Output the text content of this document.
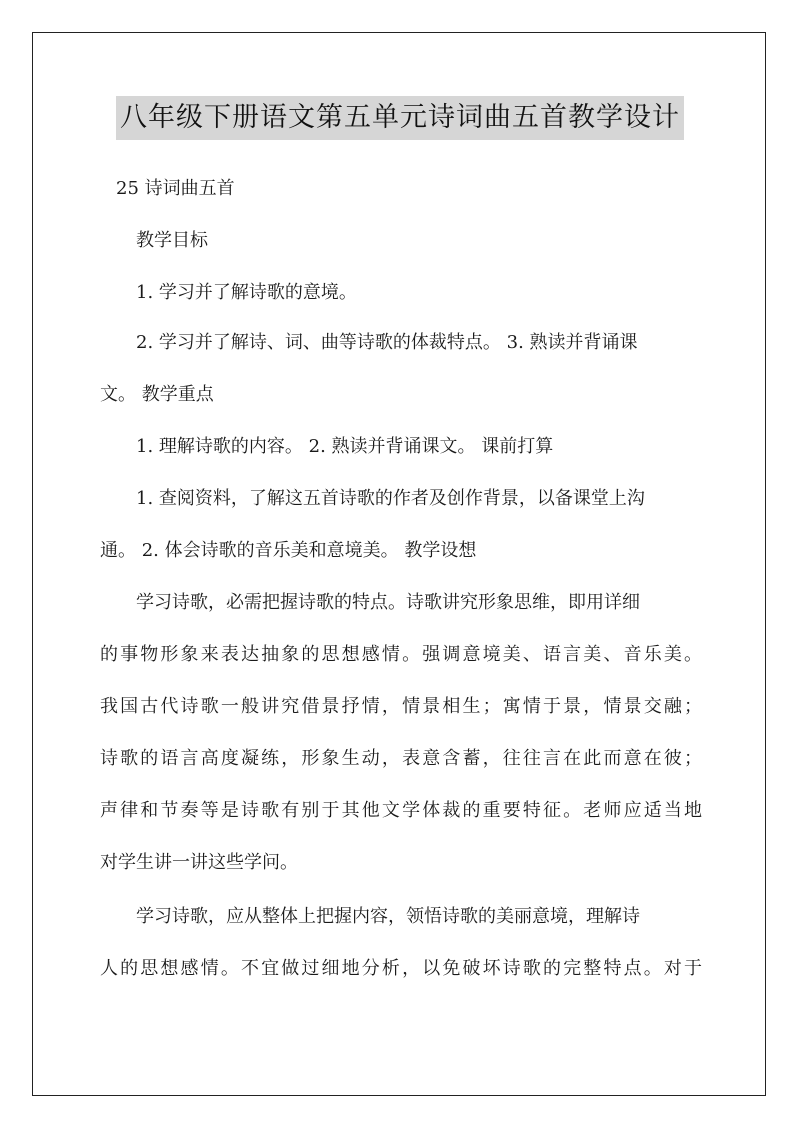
八年级下册语文第五单元诗词曲五首教学设计
25 诗词曲五首
教学目标
1. 学习并了解诗歌的意境。
2. 学习并了解诗、词、曲等诗歌的体裁特点。 3. 熟读并背诵课
文。 教学重点
1. 理解诗歌的内容。 2. 熟读并背诵课文。 课前打算
1. 查阅资料，了解这五首诗歌的作者及创作背景，以备课堂上沟
通。 2. 体会诗歌的音乐美和意境美。 教学设想
学习诗歌，必需把握诗歌的特点。诗歌讲究形象思维，即用详细
的事物形象来表达抽象的思想感情。强调意境美、语言美、音乐美。
我国古代诗歌一般讲究借景抒情，情景相生；寓情于景，情景交融；
诗歌的语言高度凝练，形象生动，表意含蓄，往往言在此而意在彼；
声律和节奏等是诗歌有别于其他文学体裁的重要特征。老师应适当地
对学生讲一讲这些学问。
学习诗歌，应从整体上把握内容，领悟诗歌的美丽意境，理解诗
人的思想感情。不宜做过细地分析，以免破坏诗歌的完整特点。对于
